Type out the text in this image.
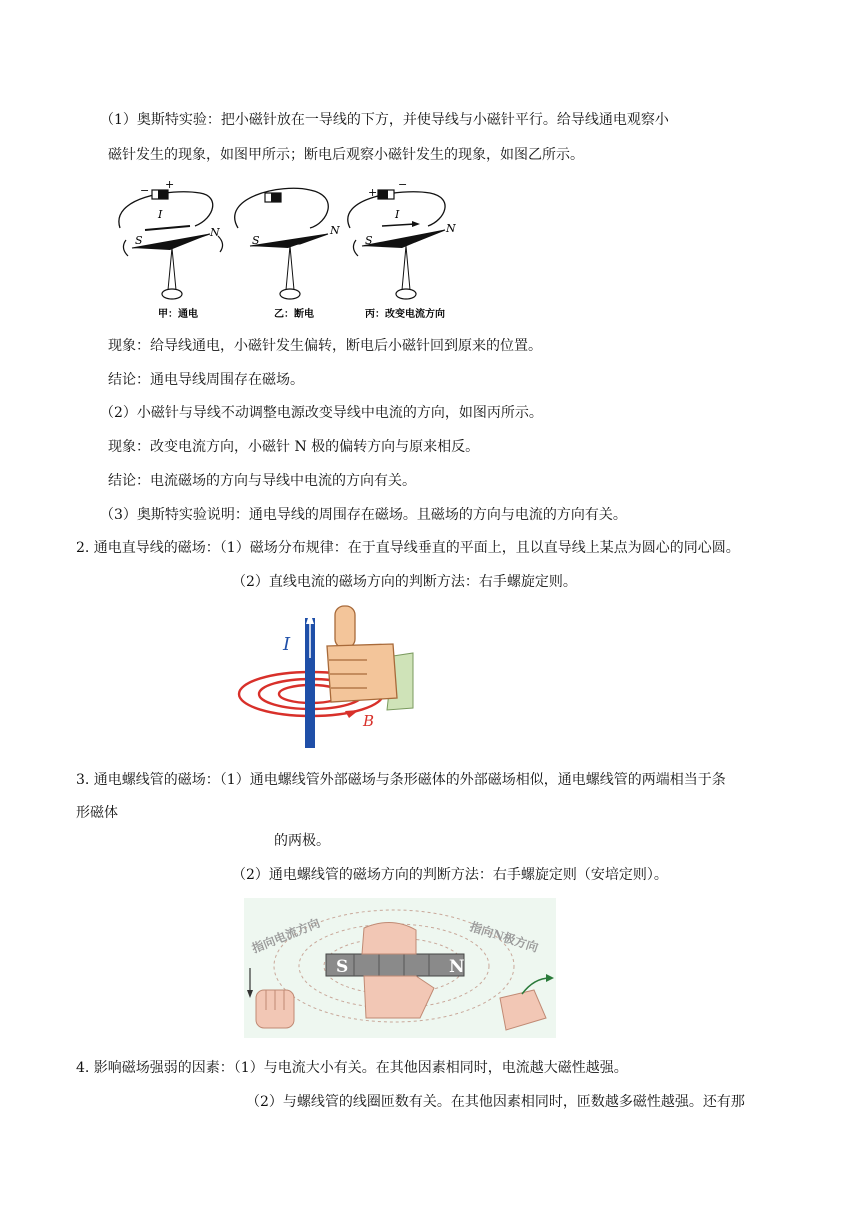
（1）奥斯特实验：把小磁针放在一导线的下方，并使导线与小磁针平行。给导线通电观察小
磁针发生的现象，如图甲所示；断电后观察小磁针发生的现象，如图乙所示。
− +
I
S
N
甲：通电
S
N
乙：断电
+
−
I
S
N
丙：改变电流方向
现象：给导线通电，小磁针发生偏转，断电后小磁针回到原来的位置。
结论：通电导线周围存在磁场。
（2）小磁针与导线不动调整电源改变导线中电流的方向，如图丙所示。
现象：改变电流方向，小磁针 N 极的偏转方向与原来相反。
结论：电流磁场的方向与导线中电流的方向有关。
（3）奥斯特实验说明：通电导线的周围存在磁场。且磁场的方向与电流的方向有关。
2. 通电直导线的磁场：（1）磁场分布规律：在于直导线垂直的平面上，且以直导线上某点为圆心的同心圆。
（2）直线电流的磁场方向的判断方法：右手螺旋定则。
B
I
3. 通电螺线管的磁场：（1）通电螺线管外部磁场与条形磁体的外部磁场相似，通电螺线管的两端相当于条
形磁体
的两极。
（2）通电螺线管的磁场方向的判断方法：右手螺旋定则（安培定则）。
指向电流方向	指向N极方向
S	N
4. 影响磁场强弱的因素：（1）与电流大小有关。在其他因素相同时，电流越大磁性越强。
（2）与螺线管的线圈匝数有关。在其他因素相同时，匝数越多磁性越强。还有那
